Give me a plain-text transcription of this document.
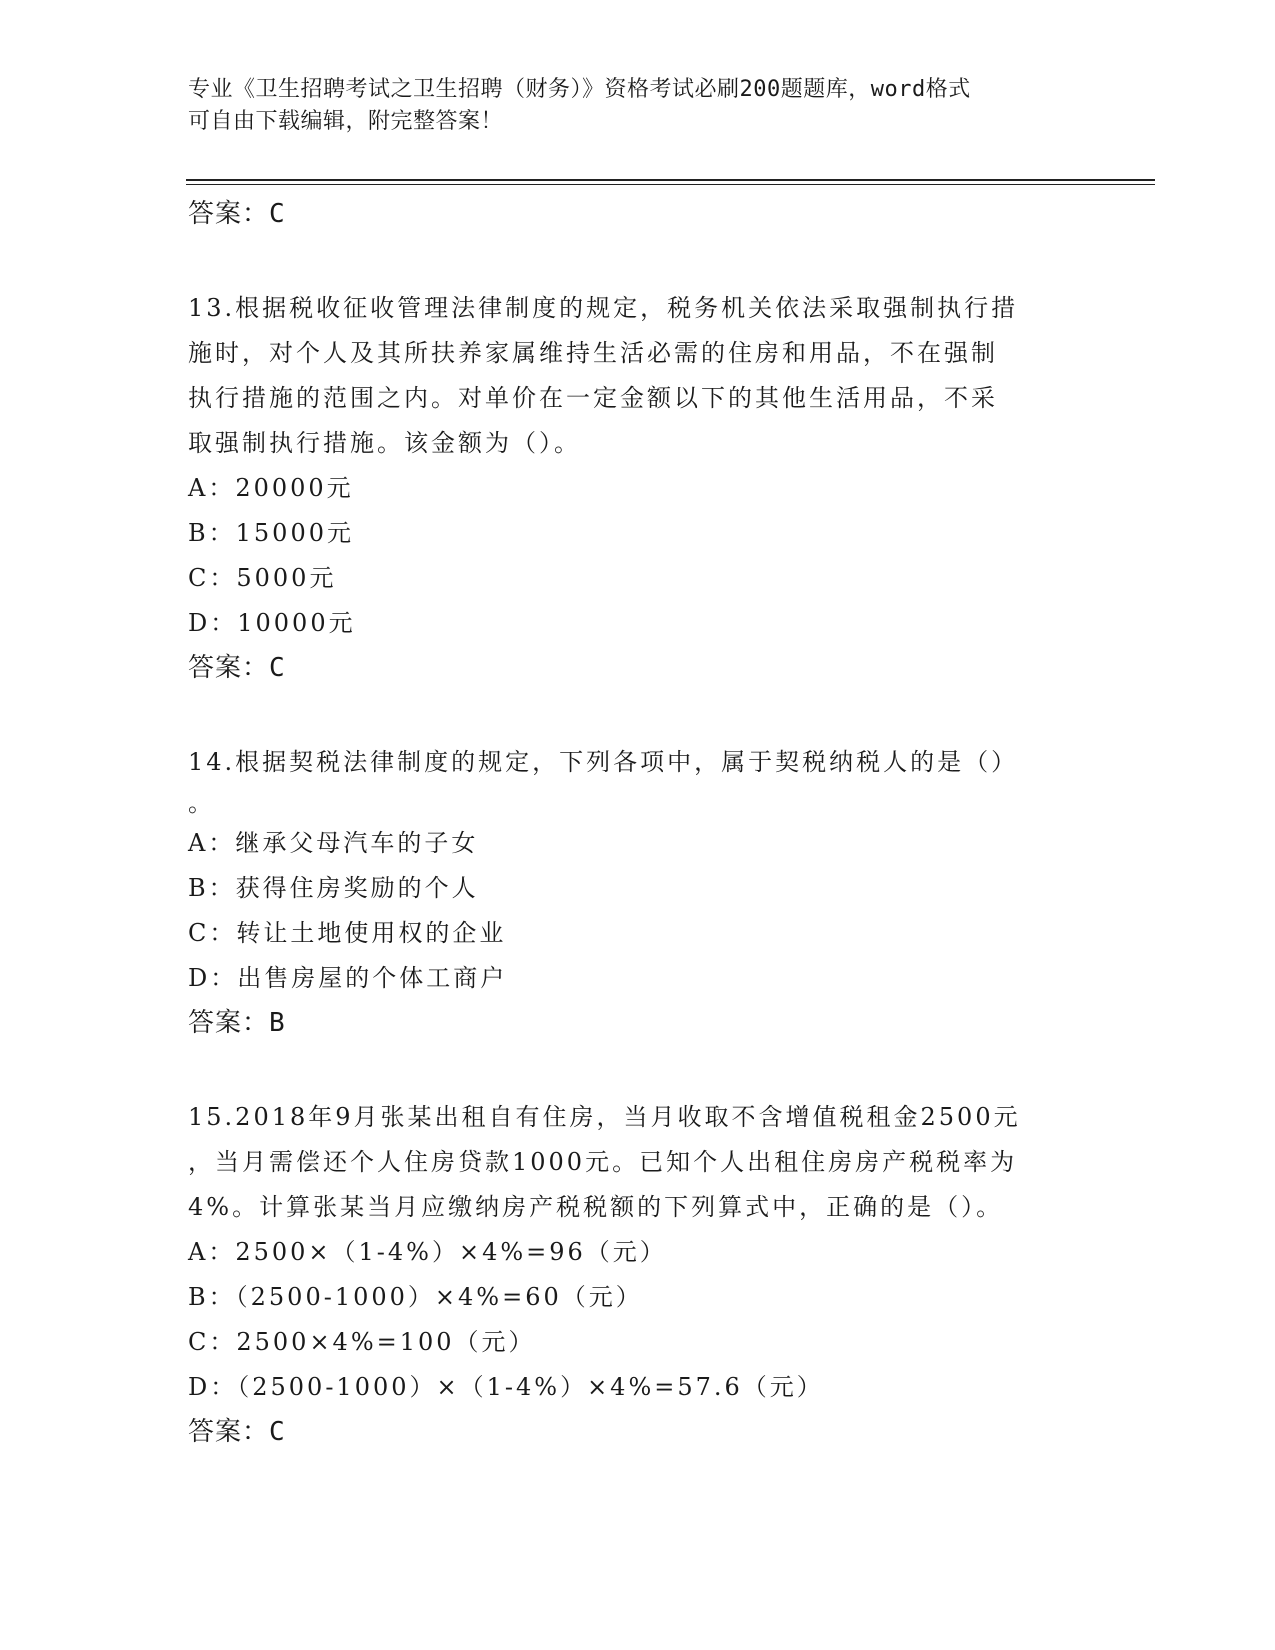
专业《卫生招聘考试之卫生招聘（财务）》资格考试必刷200题题库，word格式
可自由下载编辑，附完整答案！

答案：C

13.根据税收征收管理法律制度的规定，税务机关依法采取强制执行措

施时，对个人及其所扶养家属维持生活必需的住房和用品，不在强制

执行措施的范围之内。对单价在一定金额以下的其他生活用品，不采

取强制执行措施。该金额为（）。

A：20000元

B：15000元

C：5000元

D：10000元

答案：C

14.根据契税法律制度的规定，下列各项中，属于契税纳税人的是（）

。

A：继承父母汽车的子女

B：获得住房奖励的个人

C：转让土地使用权的企业

D：出售房屋的个体工商户

答案：B

15.2018年9月张某出租自有住房，当月收取不含增值税租金2500元

，当月需偿还个人住房贷款1000元。已知个人出租住房房产税税率为

4%。计算张某当月应缴纳房产税税额的下列算式中，正确的是（）。

A：2500×（1-4%）×4%=96（元）

B：（2500-1000）×4%=60（元）

C：2500×4%=100（元）

D：（2500-1000）×（1-4%）×4%=57.6（元）

答案：C
